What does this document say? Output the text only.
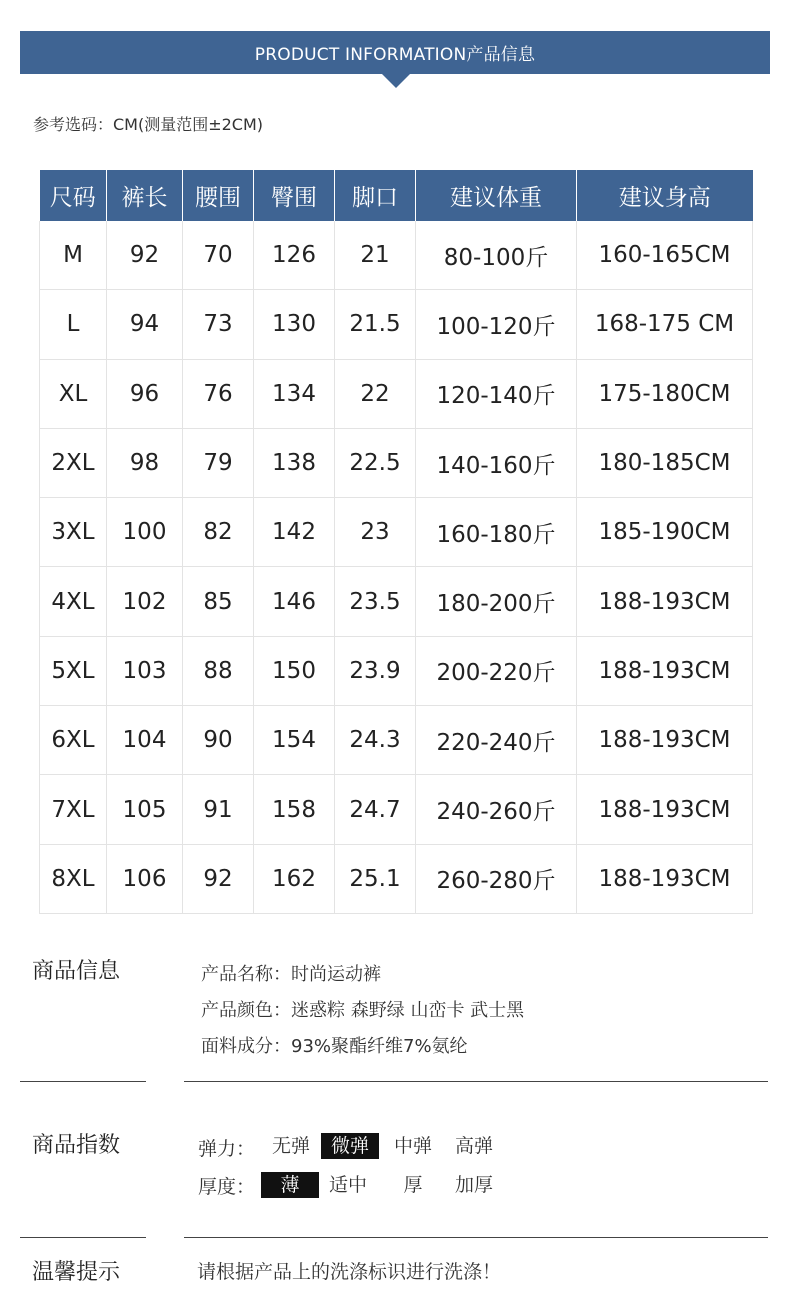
PRODUCT INFORMATION产品信息
参考选码：CM(测量范围±2CM)
尺码	裤长	腰围	臀围	脚口	建议体重	建议身高
M	92	70	126	21	80-100斤	160-165CM
L	94	73	130	21.5	100-120斤	168-175 CM
XL	96	76	134	22	120-140斤	175-180CM
2XL	98	79	138	22.5	140-160斤	180-185CM
3XL	100	82	142	23	160-180斤	185-190CM
4XL	102	85	146	23.5	180-200斤	188-193CM
5XL	103	88	150	23.9	200-220斤	188-193CM
6XL	104	90	154	24.3	220-240斤	188-193CM
7XL	105	91	158	24.7	240-260斤	188-193CM
8XL	106	92	162	25.1	260-280斤	188-193CM
商品信息	产品名称：时尚运动裤
产品颜色：迷惑粽 森野绿 山峦卡 武士黑
面料成分：93%聚酯纤维7%氨纶
商品指数	弹力： 无弹	微弹	中弹	高弹
厚度：	薄	适中	厚	加厚
温馨提示	请根据产品上的洗涤标识进行洗涤！
